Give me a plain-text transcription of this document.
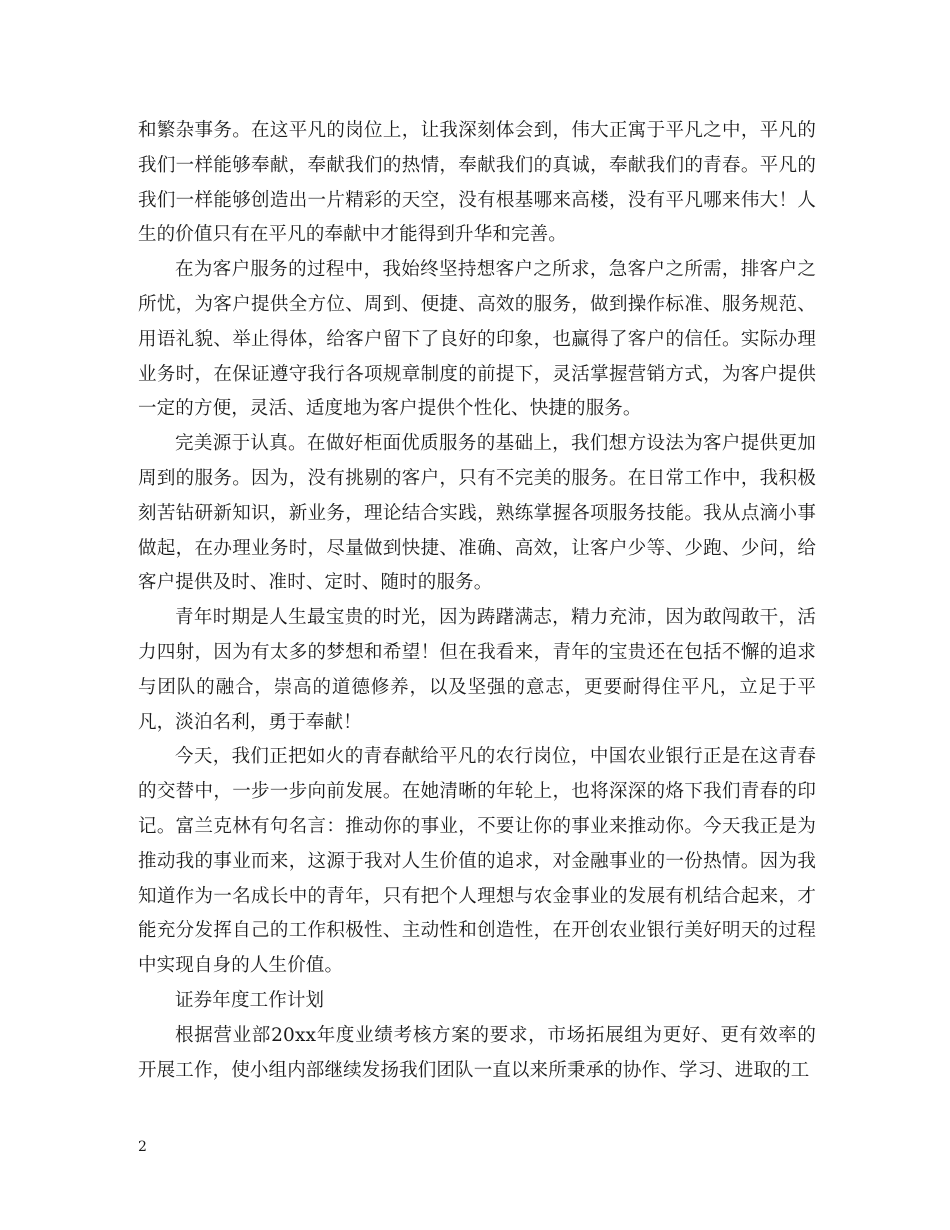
和繁杂事务。在这平凡的岗位上，让我深刻体会到，伟大正寓于平凡之中，平凡的我们一样能够奉献，奉献我们的热情，奉献我们的真诚，奉献我们的青春。平凡的我们一样能够创造出一片精彩的天空，没有根基哪来高楼，没有平凡哪来伟大！人生的价值只有在平凡的奉献中才能得到升华和完善。

在为客户服务的过程中，我始终坚持想客户之所求，急客户之所需，排客户之所忧，为客户提供全方位、周到、便捷、高效的服务，做到操作标准、服务规范、用语礼貌、举止得体，给客户留下了良好的印象，也赢得了客户的信任。实际办理业务时，在保证遵守我行各项规章制度的前提下，灵活掌握营销方式，为客户提供一定的方便，灵活、适度地为客户提供个性化、快捷的服务。

完美源于认真。在做好柜面优质服务的基础上，我们想方设法为客户提供更加周到的服务。因为，没有挑剔的客户，只有不完美的服务。在日常工作中，我积极刻苦钻研新知识，新业务，理论结合实践，熟练掌握各项服务技能。我从点滴小事做起，在办理业务时，尽量做到快捷、准确、高效，让客户少等、少跑、少问，给客户提供及时、准时、定时、随时的服务。

青年时期是人生最宝贵的时光，因为踌躇满志，精力充沛，因为敢闯敢干，活力四射，因为有太多的梦想和希望！但在我看来，青年的宝贵还在包括不懈的追求与团队的融合，崇高的道德修养，以及坚强的意志，更要耐得住平凡，立足于平凡，淡泊名利，勇于奉献！

今天，我们正把如火的青春献给平凡的农行岗位，中国农业银行正是在这青春的交替中，一步一步向前发展。在她清晰的年轮上，也将深深的烙下我们青春的印记。富兰克林有句名言：推动你的事业，不要让你的事业来推动你。今天我正是为推动我的事业而来，这源于我对人生价值的追求，对金融事业的一份热情。因为我知道作为一名成长中的青年，只有把个人理想与农金事业的发展有机结合起来，才能充分发挥自己的工作积极性、主动性和创造性，在开创农业银行美好明天的过程中实现自身的人生价值。

证券年度工作计划

根据营业部20xx年度业绩考核方案的要求，市场拓展组为更好、更有效率的开展工作，使小组内部继续发扬我们团队一直以来所秉承的协作、学习、进取的工

2
